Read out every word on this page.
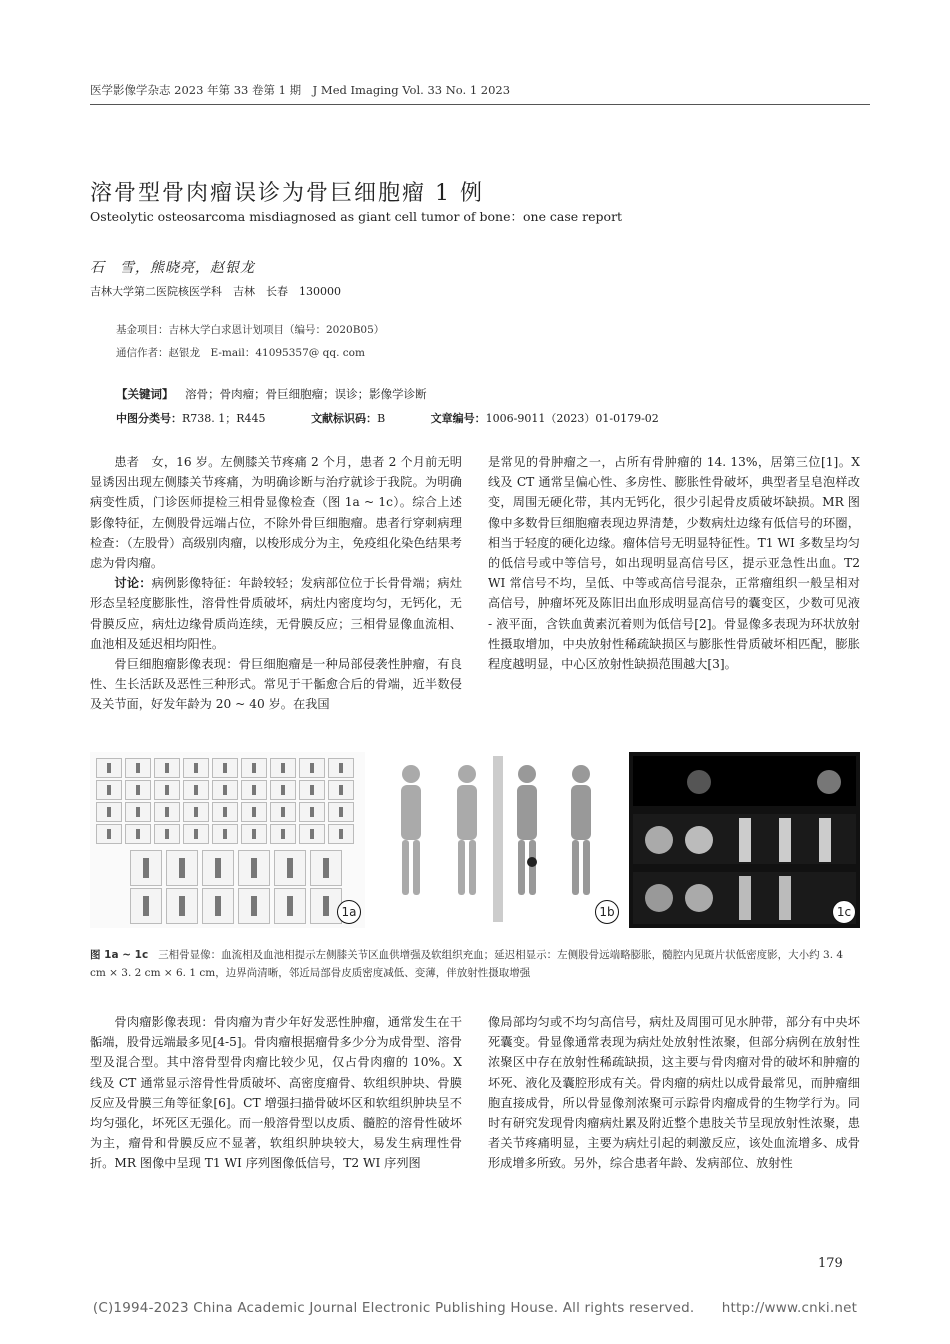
医学影像学杂志 2023 年第 33 卷第 1 期　J Med Imaging Vol. 33 No. 1 2023
溶骨型骨肉瘤误诊为骨巨细胞瘤 1 例
Osteolytic osteosarcoma misdiagnosed as giant cell tumor of bone：one case report
石　雪，熊晓亮，赵银龙
吉林大学第二医院核医学科　吉林　长春　130000
基金项目：吉林大学白求恩计划项目（编号：2020B05）
通信作者：赵银龙　E-mail：41095357@ qq. com
【关键词】 溶骨；骨肉瘤；骨巨细胞瘤；误诊；影像学诊断
中图分类号：R738. 1；R445	文献标识码：B	文章编号：1006-9011（2023）01-0179-02

患者　女，16 岁。左侧膝关节疼痛 2 个月，患者 2 个月前无明显诱因出现左侧膝关节疼痛，为明确诊断与治疗就诊于我院。为明确病变性质，门诊医师提检三相骨显像检查（图 1a ~ 1c）。综合上述影像特征，左侧股骨远端占位，不除外骨巨细胞瘤。患者行穿刺病理检查：（左股骨）高级别肉瘤，以梭形成分为主，免疫组化染色结果考虑为骨肉瘤。

讨论：病例影像特征：年龄较轻；发病部位位于长骨骨端；病灶形态呈轻度膨胀性，溶骨性骨质破坏，病灶内密度均匀，无钙化，无骨膜反应，病灶边缘骨质尚连续，无骨膜反应；三相骨显像血流相、血池相及延迟相均阳性。

骨巨细胞瘤影像表现：骨巨细胞瘤是一种局部侵袭性肿瘤，有良性、生长活跃及恶性三种形式。常见于干骺愈合后的骨端，近半数侵及关节面，好发年龄为 20 ~ 40 岁。在我国

是常见的骨肿瘤之一，占所有骨肿瘤的 14. 13%，居第三位[1]。X 线及 CT 通常呈偏心性、多房性、膨胀性骨破坏，典型者呈皂泡样改变，周围无硬化带，其内无钙化，很少引起骨皮质破坏缺损。MR 图像中多数骨巨细胞瘤表现边界清楚，少数病灶边缘有低信号的环圈，相当于轻度的硬化边缘。瘤体信号无明显特征性。T1 WI 多数呈均匀的低信号或中等信号，如出现明显高信号区，提示亚急性出血。T2 WI 常信号不均，呈低、中等或高信号混杂，正常瘤组织一般呈相对高信号，肿瘤坏死及陈旧出血形成明显高信号的囊变区，少数可见液 - 液平面，含铁血黄素沉着则为低信号[2]。骨显像多表现为环状放射性摄取增加，中央放射性稀疏缺损区与膨胀性骨质破坏相匹配，膨胀程度越明显，中心区放射性缺损范围越大[3]。

1a	1b	1c
图 1a ~ 1c 三相骨显像：血流相及血池相提示左侧膝关节区血供增强及软组织充血；延迟相显示：左侧股骨远端略膨胀，髓腔内见斑片状低密度影，大小约 3. 4 cm × 3. 2 cm × 6. 1 cm，边界尚清晰，邻近局部骨皮质密度减低、变薄，伴放射性摄取增强

骨肉瘤影像表现：骨肉瘤为青少年好发恶性肿瘤，通常发生在干骺端，股骨远端最多见[4-5]。骨肉瘤根据瘤骨多少分为成骨型、溶骨型及混合型。其中溶骨型骨肉瘤比较少见，仅占骨肉瘤的 10%。X 线及 CT 通常显示溶骨性骨质破坏、高密度瘤骨、软组织肿块、骨膜反应及骨膜三角等征象[6]。CT 增强扫描骨破坏区和软组织肿块呈不均匀强化，坏死区无强化。而一般溶骨型以皮质、髓腔的溶骨性破坏为主，瘤骨和骨膜反应不显著，软组织肿块较大，易发生病理性骨折。MR 图像中呈现 T1 WI 序列图像低信号，T2 WI 序列图

像局部均匀或不均匀高信号，病灶及周围可见水肿带，部分有中央坏死囊变。骨显像通常表现为病灶处放射性浓聚，但部分病例在放射性浓聚区中存在放射性稀疏缺损，这主要与骨肉瘤对骨的破坏和肿瘤的坏死、液化及囊腔形成有关。骨肉瘤的病灶以成骨最常见，而肿瘤细胞直接成骨，所以骨显像剂浓聚可示踪骨肉瘤成骨的生物学行为。同时有研究发现骨肉瘤病灶累及附近整个患肢关节呈现放射性浓聚，患者关节疼痛明显，主要为病灶引起的刺激反应，该处血流增多、成骨形成增多所致。另外，综合患者年龄、发病部位、放射性

179
(C)1994-2023 China Academic Journal Electronic Publishing House. All rights reserved.　　http://www.cnki.net
